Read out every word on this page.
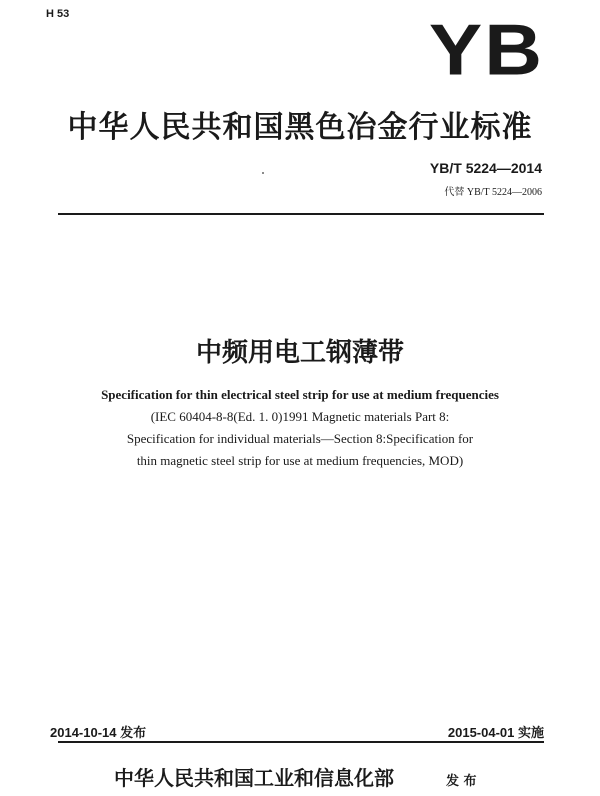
H 53	YB
中华人民共和国黑色冶金行业标准
YB/T 5224—2014
代替 YB/T 5224—2006
中频用电工钢薄带
Specification for thin electrical steel strip for use at medium frequencies
(IEC 60404-8-8(Ed. 1. 0)1991 Magnetic materials Part 8:
Specification for individual materials—Section 8:Specification for
thin magnetic steel strip for use at medium frequencies, MOD)
2014-10-14 发布	2015-04-01 实施
中华人民共和国工业和信息化部	发 布
